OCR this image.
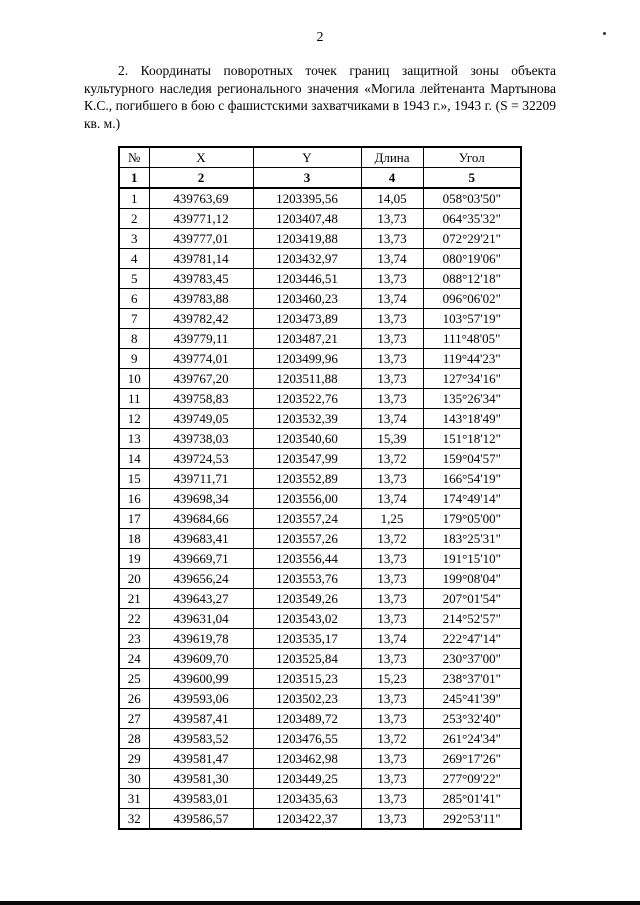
2

2. Координаты поворотных точек границ защитной зоны объекта культурного наследия регионального значения «Могила лейтенанта Мартынова К.С., погибшего в бою с фашистскими захватчиками в 1943 г.», 1943 г. (S = 32209 кв. м.)

№	X	Y	Длина	Угол
1	2	3	4	5
1	439763,69	1203395,56	14,05	058°03'50"
2	439771,12	1203407,48	13,73	064°35'32"
3	439777,01	1203419,88	13,73	072°29'21"
4	439781,14	1203432,97	13,74	080°19'06"
5	439783,45	1203446,51	13,73	088°12'18"
6	439783,88	1203460,23	13,74	096°06'02"
7	439782,42	1203473,89	13,73	103°57'19"
8	439779,11	1203487,21	13,73	111°48'05"
9	439774,01	1203499,96	13,73	119°44'23"
10	439767,20	1203511,88	13,73	127°34'16"
11	439758,83	1203522,76	13,73	135°26'34"
12	439749,05	1203532,39	13,74	143°18'49"
13	439738,03	1203540,60	15,39	151°18'12"
14	439724,53	1203547,99	13,72	159°04'57"
15	439711,71	1203552,89	13,73	166°54'19"
16	439698,34	1203556,00	13,74	174°49'14"
17	439684,66	1203557,24	1,25	179°05'00"
18	439683,41	1203557,26	13,72	183°25'31"
19	439669,71	1203556,44	13,73	191°15'10"
20	439656,24	1203553,76	13,73	199°08'04"
21	439643,27	1203549,26	13,73	207°01'54"
22	439631,04	1203543,02	13,73	214°52'57"
23	439619,78	1203535,17	13,74	222°47'14"
24	439609,70	1203525,84	13,73	230°37'00"
25	439600,99	1203515,23	15,23	238°37'01"
26	439593,06	1203502,23	13,73	245°41'39"
27	439587,41	1203489,72	13,73	253°32'40"
28	439583,52	1203476,55	13,72	261°24'34"
29	439581,47	1203462,98	13,73	269°17'26"
30	439581,30	1203449,25	13,73	277°09'22"
31	439583,01	1203435,63	13,73	285°01'41"
32	439586,57	1203422,37	13,73	292°53'11"
